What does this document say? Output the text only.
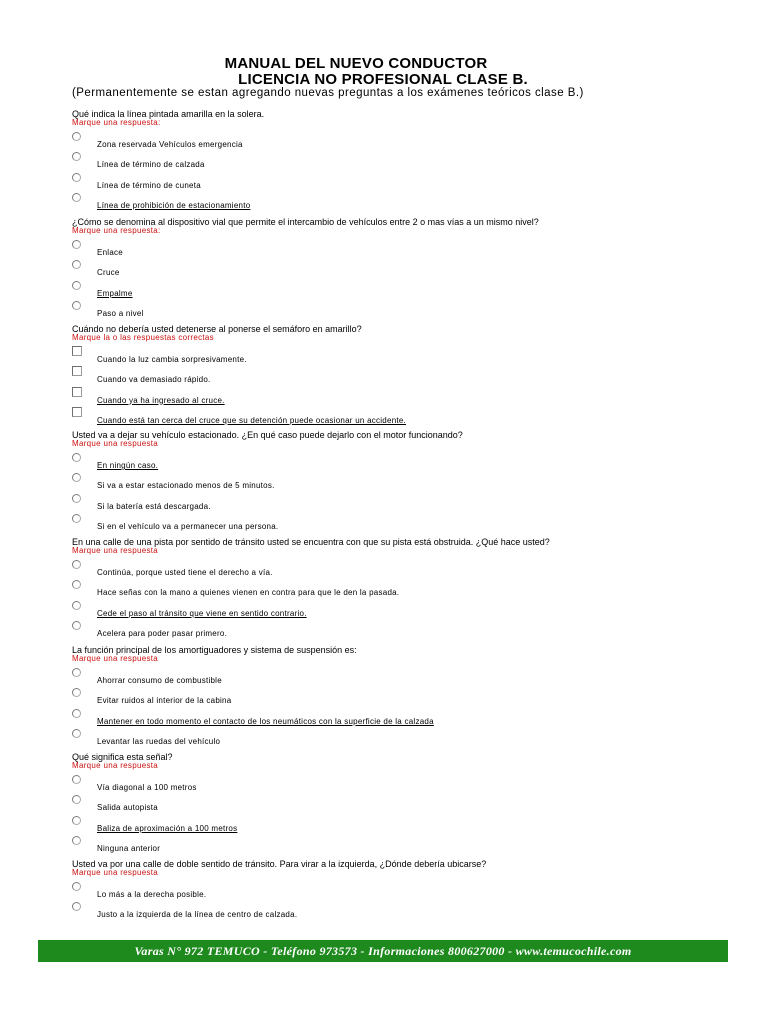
MANUAL DEL NUEVO CONDUCTOR
LICENCIA NO PROFESIONAL CLASE B.
(Permanentemente se estan agregando nuevas preguntas a los exámenes teóricos clase B.)
Qué indica la línea pintada amarilla en la solera.
Marque una respuesta:
Zona reservada Vehículos emergencia
Línea de término de calzada
Línea de término de cuneta
Línea de prohibición de estacionamiento
¿Cómo se denomina al dispositivo vial que permite el intercambio de vehículos entre 2 o mas vías a un mismo nivel?
Marque una respuesta:
Enlace
Cruce
Empalme
Paso a nivel
Cuándo no debería usted detenerse al ponerse el semáforo en amarillo?
Marque la o las respuestas correctas
Cuando la luz cambia sorpresivamente.
Cuando va demasiado rápido.
Cuando ya ha ingresado al cruce.
Cuando está tan cerca del cruce que su detención puede ocasionar un accidente.
Usted va a dejar su vehículo estacionado. ¿En qué caso puede dejarlo con el motor funcionando?
Marque una respuesta
En ningún caso.
Si va a estar estacionado menos de 5 minutos.
Si la batería está descargada.
Si en el vehículo va a permanecer una persona.
En una calle de una pista por sentido de tránsito usted se encuentra con que su pista está obstruida. ¿Qué hace usted?
Marque una respuesta
Continúa, porque usted tiene el derecho a vía.
Hace señas con la mano a quienes vienen en contra para que le den la pasada.
Cede el paso al tránsito que viene en sentido contrario.
Acelera para poder pasar primero.
La función principal de los amortiguadores y sistema de suspensión es:
Marque una respuesta
Ahorrar consumo de combustible
Evitar ruidos al interior de la cabina
Mantener en todo momento el contacto de los neumáticos con la superficie de la calzada
Levantar las ruedas del vehículo
Qué significa esta señal?
Marque una respuesta
Vía diagonal a 100 metros
Salida autopista
Baliza de aproximación a 100 metros
Ninguna anterior
Usted va por una calle de doble sentido de tránsito. Para virar a la izquierda, ¿Dónde debería ubicarse?
Marque una respuesta
Lo más a la derecha posible.
Justo a la izquierda de la línea de centro de calzada.
Varas N° 972 TEMUCO - Teléfono 973573 - Informaciones 800627000 - www.temucochile.com
